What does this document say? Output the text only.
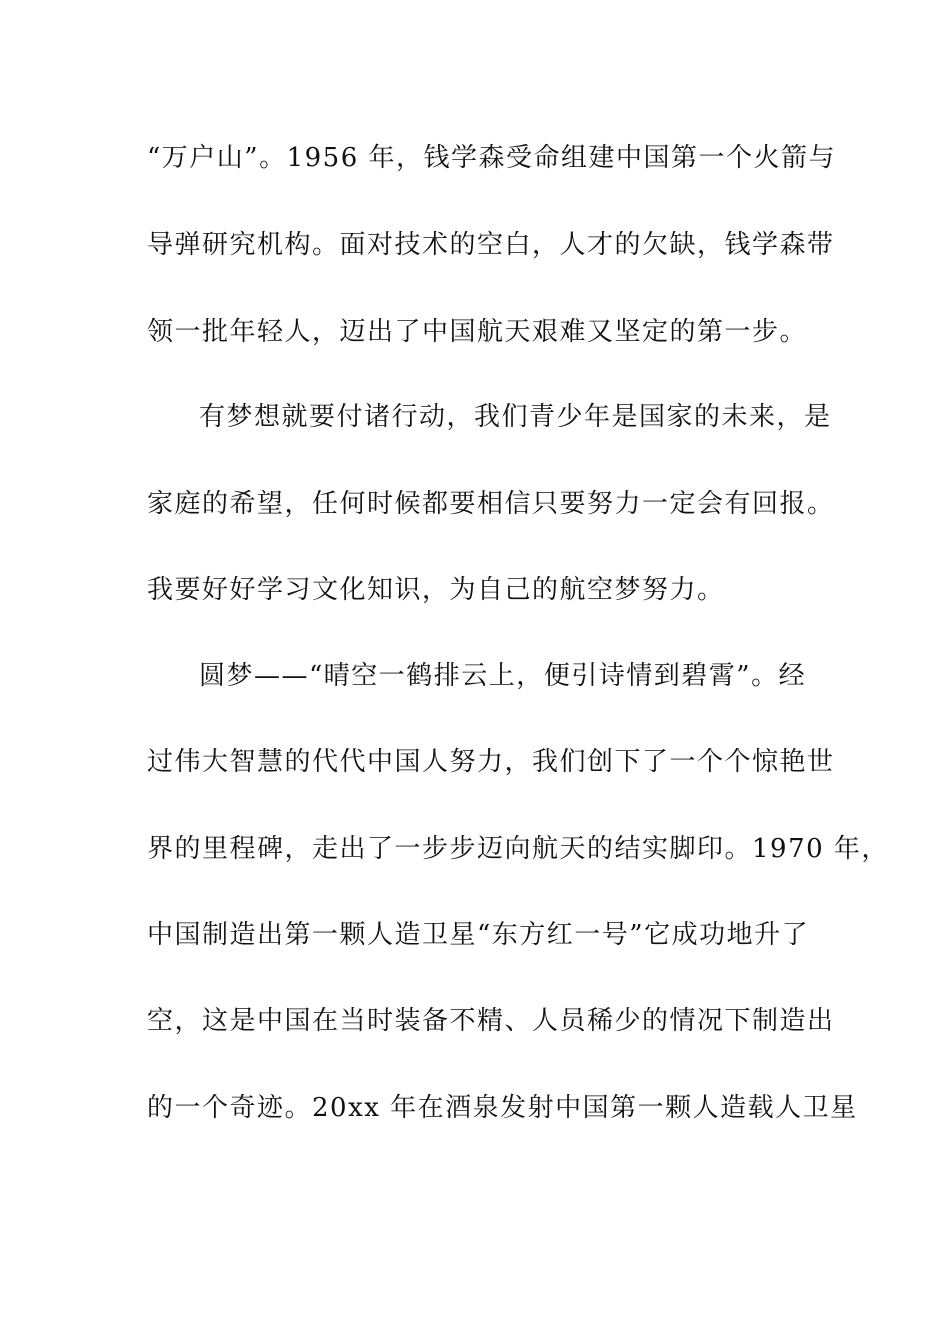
“万户山”。1956 年，钱学森受命组建中国第一个火箭与
导弹研究机构。面对技术的空白，人才的欠缺，钱学森带
领一批年轻人，迈出了中国航天艰难又坚定的第一步。
有梦想就要付诸行动，我们青少年是国家的未来，是
家庭的希望，任何时候都要相信只要努力一定会有回报。
我要好好学习文化知识，为自己的航空梦努力。
圆梦——“晴空一鹤排云上，便引诗情到碧霄”。经
过伟大智慧的代代中国人努力，我们创下了一个个惊艳世
界的里程碑，走出了一步步迈向航天的结实脚印。1970 年，
中国制造出第一颗人造卫星“东方红一号”它成功地升了
空，这是中国在当时装备不精、人员稀少的情况下制造出
的一个奇迹。20xx 年在酒泉发射中国第一颗人造载人卫星
